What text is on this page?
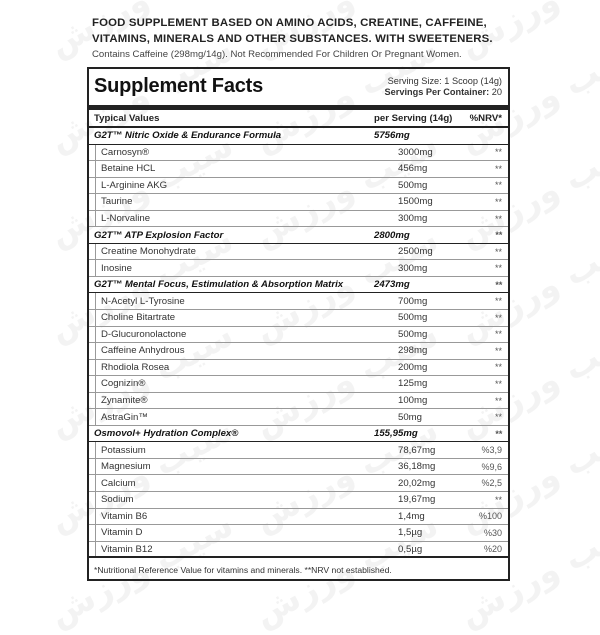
FOOD SUPPLEMENT BASED ON AMINO ACIDS, CREATINE, CAFFEINE, VITAMINS, MINERALS AND OTHER SUBSTANCES. WITH SWEETENERS.
Contains Caffeine (298mg/14g). Not Recommended For Children Or Pregnant Women.
Supplement Facts	Serving Size: 1 Scoop (14g)
Servings Per Container: 20
Typical Values	per Serving (14g) %NRV*
G2T™ Nitric Oxide & Endurance Formula	5756mg
Carnosyn®	3000mg	**
Betaine HCL	456mg	**
L-Arginine AKG	500mg	**
Taurine	1500mg	**
L-Norvaline	300mg	**
G2T™ ATP Explosion Factor	2800mg	**
Creatine Monohydrate	2500mg	**
Inosine	300mg	**
G2T™ Mental Focus, Estimulation & Absorption Matrix	2473mg	**
N-Acetyl L-Tyrosine	700mg	**
Choline Bitartrate	500mg	**
D-Glucuronolactone	500mg	**
Caffeine Anhydrous	298mg	**
Rhodiola Rosea	200mg	**
Cognizin®	125mg	**
Zynamite®	100mg	**
AstraGin™	50mg	**
Osmovol+ Hydration Complex®	155,95mg	**
Potassium	78,67mg	%3,9
Magnesium	36,18mg	%9,6
Calcium	20,02mg	%2,5
Sodium	19,67mg	**
Vitamin B6	1,4mg	%100
Vitamin D	1,5µg	%30
Vitamin B12	0,5µg	%20
*Nutritional Reference Value for vitamins and minerals. **NRV not established.
